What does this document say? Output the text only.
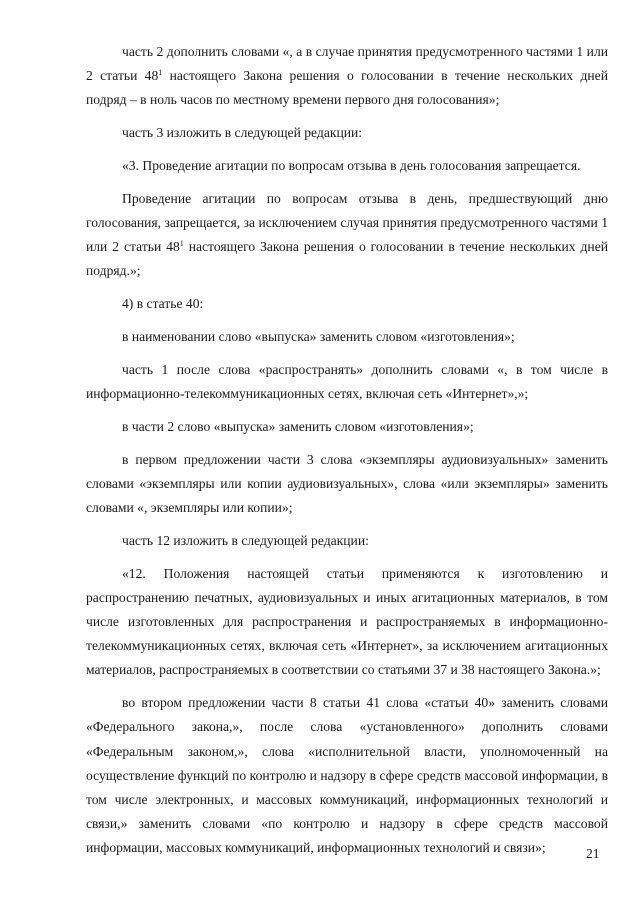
часть 2 дополнить словами «, а в случае принятия предусмотренного частями 1 или 2 статьи $48^1$ настоящего Закона решения о голосовании в течение нескольких дней подряд – в ноль часов по местному времени первого дня голосования»;

часть 3 изложить в следующей редакции:

«3. Проведение агитации по вопросам отзыва в день голосования запрещается.

Проведение агитации по вопросам отзыва в день, предшествующий дню голосования, запрещается, за исключением случая принятия предусмотренного частями 1 или 2 статьи $48^1$ настоящего Закона решения о голосовании в течение нескольких дней подряд.»;

4) в статье 40:

в наименовании слово «выпуска» заменить словом «изготовления»;

часть 1 после слова «распространять» дополнить словами «, в том числе в информационно-телекоммуникационных сетях, включая сеть «Интернет»,»;

в части 2 слово «выпуска» заменить словом «изготовления»;

в первом предложении части 3 слова «экземпляры аудиовизуальных» заменить словами «экземпляры или копии аудиовизуальных», слова «или экземпляры» заменить словами «, экземпляры или копии»;

часть 12 изложить в следующей редакции:

«12. Положения настоящей статьи применяются к изготовлению и распространению печатных, аудиовизуальных и иных агитационных материалов, в том числе изготовленных для распространения и распространяемых в информационно-телекоммуникационных сетях, включая сеть «Интернет», за исключением агитационных материалов, распространяемых в соответствии со статьями 37 и 38 настоящего Закона.»;

во втором предложении части 8 статьи 41 слова «статьи 40» заменить словами «Федерального закона,», после слова «установленного» дополнить словами «Федеральным законом,», слова «исполнительной власти, уполномоченный на осуществление функций по контролю и надзору в сфере средств массовой информации, в том числе электронных, и массовых коммуникаций, информационных технологий и связи,» заменить словами «по контролю и надзору в сфере средств массовой информации, массовых коммуникаций, информационных технологий и связи»;	21
